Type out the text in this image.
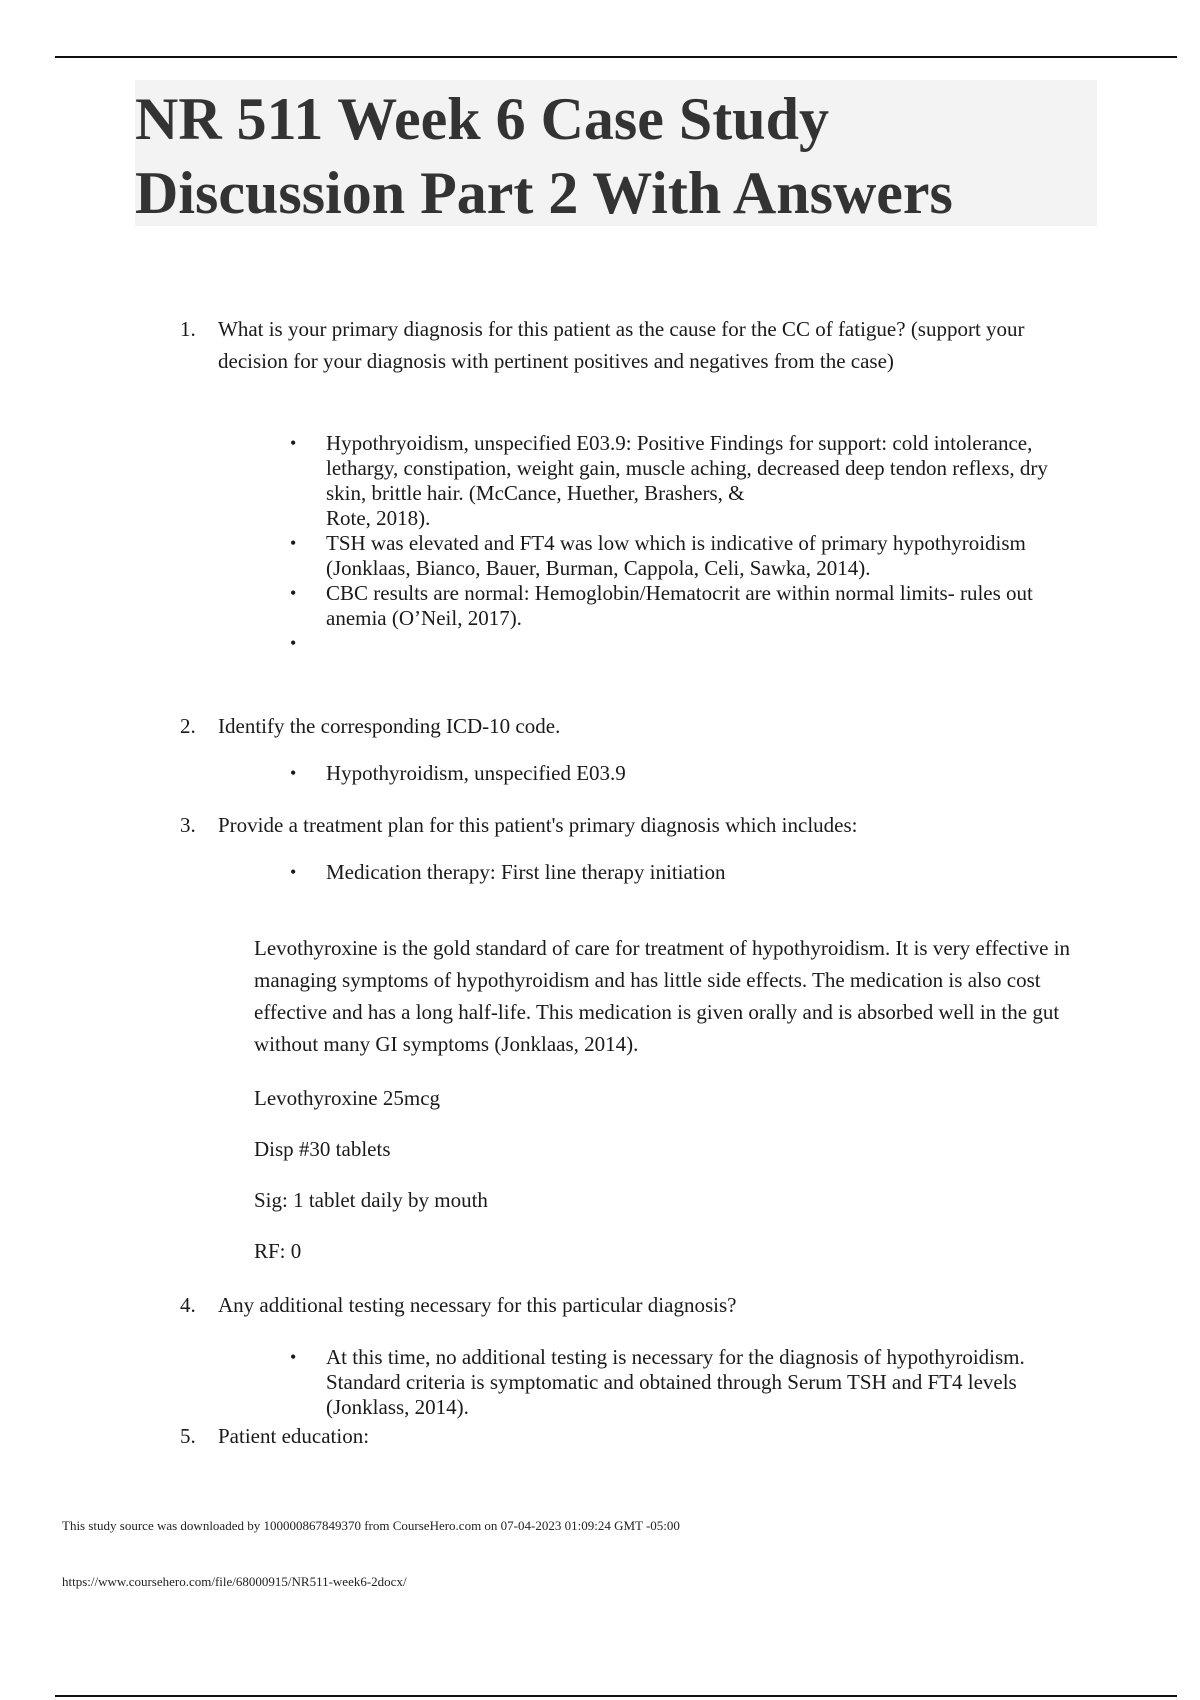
NR 511 Week 6 Case Study Discussion Part 2 With Answers
1. What is your primary diagnosis for this patient as the cause for the CC of fatigue? (support your decision for your diagnosis with pertinent positives and negatives from the case)
• Hypothryoidism, unspecified E03.9: Positive Findings for support: cold intolerance, lethargy, constipation, weight gain, muscle aching, decreased deep tendon reflexs, dry skin, brittle hair. (McCance, Huether, Brashers, &
Rote, 2018).
• TSH was elevated and FT4 was low which is indicative of primary hypothyroidism (Jonklaas, Bianco, Bauer, Burman, Cappola, Celi, Sawka, 2014).
• CBC results are normal: Hemoglobin/Hematocrit are within normal limits- rules out anemia (O’Neil, 2017).
•
2. Identify the corresponding ICD-10 code.
• Hypothyroidism, unspecified E03.9
3. Provide a treatment plan for this patient's primary diagnosis which includes:
• Medication therapy: First line therapy initiation

Levothyroxine is the gold standard of care for treatment of hypothyroidism. It is very effective in managing symptoms of hypothyroidism and has little side effects. The medication is also cost effective and has a long half-life. This medication is given orally and is absorbed well in the gut without many GI symptoms (Jonklaas, 2014).

Levothyroxine 25mcg

Disp #30 tablets

Sig: 1 tablet daily by mouth

RF: 0

4. Any additional testing necessary for this particular diagnosis?
• At this time, no additional testing is necessary for the diagnosis of hypothyroidism. Standard criteria is symptomatic and obtained through Serum TSH and FT4 levels (Jonklass, 2014).
5. Patient education:
This study source was downloaded by 100000867849370 from CourseHero.com on 07-04-2023 01:09:24 GMT -05:00
https://www.coursehero.com/file/68000915/NR511-week6-2docx/
